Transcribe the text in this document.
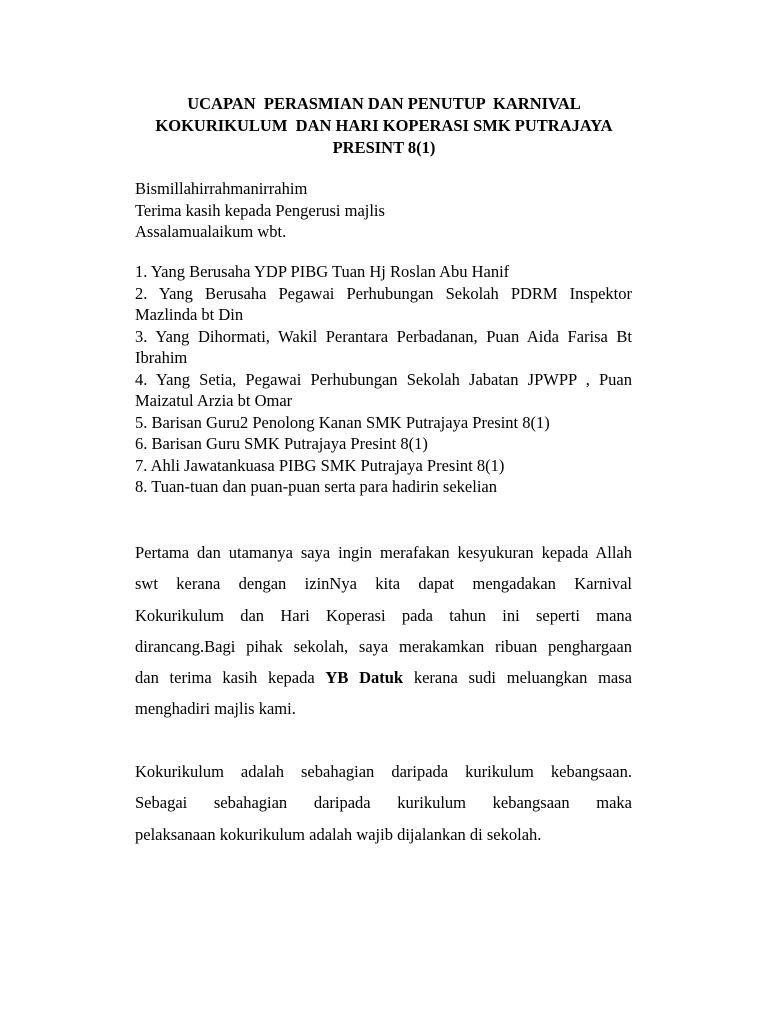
UCAPAN  PERASMIAN DAN PENUTUP  KARNIVAL
KOKURIKULUM  DAN HARI KOPERASI SMK PUTRAJAYA
PRESINT 8(1)
Bismillahirrahmanirrahim
Terima kasih kepada Pengerusi majlis
Assalamualaikum wbt.
1. Yang Berusaha YDP PIBG Tuan Hj Roslan Abu Hanif
2. Yang Berusaha Pegawai Perhubungan Sekolah PDRM Inspektor Mazlinda bt Din
3. Yang Dihormati, Wakil Perantara Perbadanan, Puan Aida Farisa Bt Ibrahim
4. Yang Setia, Pegawai Perhubungan Sekolah Jabatan JPWPP , Puan Maizatul Arzia bt Omar
5. Barisan Guru2 Penolong Kanan SMK Putrajaya Presint 8(1)
6. Barisan Guru SMK Putrajaya Presint 8(1)
7. Ahli Jawatankuasa PIBG SMK Putrajaya Presint 8(1)
8. Tuan-tuan dan puan-puan serta para hadirin sekelian
Pertama dan utamanya saya ingin merafakan kesyukuran kepada Allah
swt kerana dengan izinNya kita dapat mengadakan Karnival
Kokurikulum dan Hari Koperasi pada tahun ini seperti mana
dirancang.Bagi pihak sekolah, saya merakamkan ribuan penghargaan
dan terima kasih kepada YB Datuk kerana sudi meluangkan masa
menghadiri majlis kami.
Kokurikulum adalah sebahagian daripada kurikulum kebangsaan.
Sebagai sebahagian daripada kurikulum kebangsaan maka
pelaksanaan kokurikulum adalah wajib dijalankan di sekolah.
